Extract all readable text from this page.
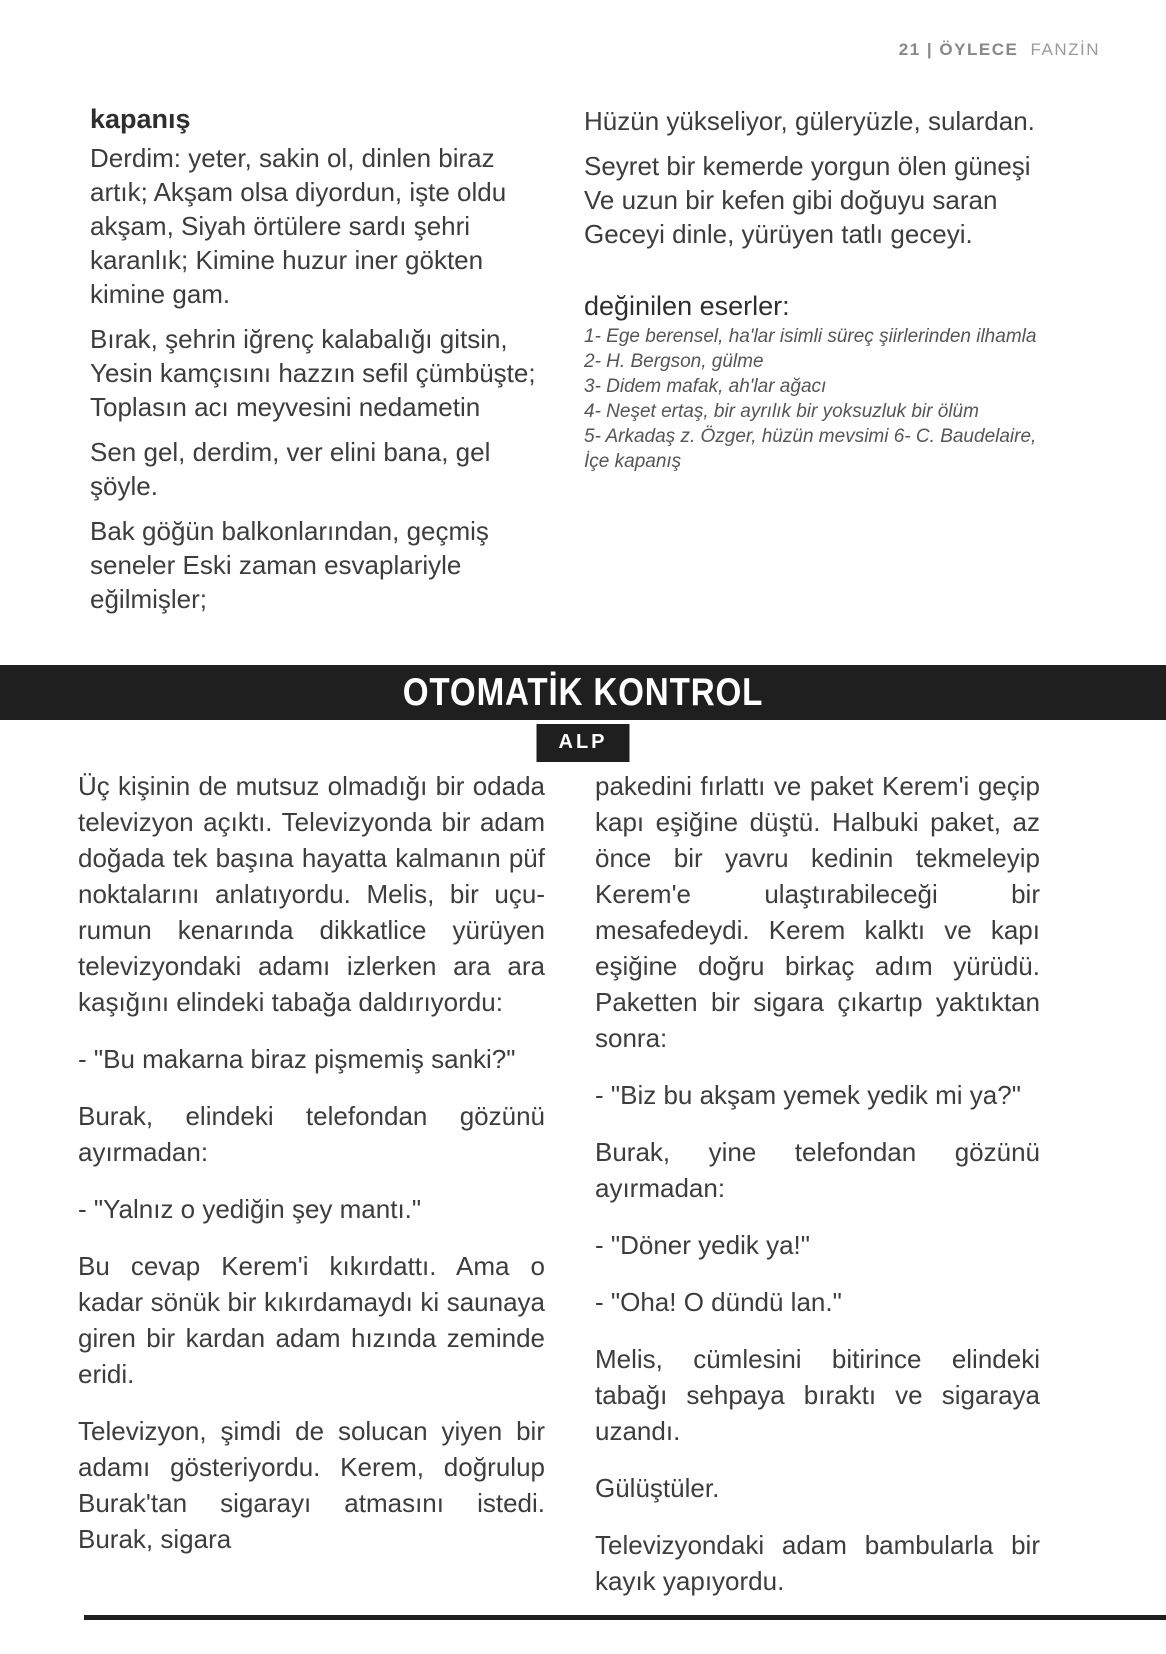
21 | ÖYLECE FANZİN
kapanış

Derdim: yeter, sakin ol, dinlen biraz artık; Akşam olsa diyordun, işte oldu akşam, Siyah örtülere sardı şehri karanlık; Kimine huzur iner gökten kimine gam.

Bırak, şehrin iğrenç kalabalığı gitsin, Yesin kamçısını hazzın sefil çümbüşte; Toplasın acı meyvesini nedametin

Sen gel, derdim, ver elini bana, gel şöyle.

Bak göğün balkonlarından, geçmiş seneler Eski zaman esvaplariyle eğilmişler;

Hüzün yükseliyor, güleryüzle, sulardan.

Seyret bir kemerde yorgun ölen güneşi Ve uzun bir kefen gibi doğuyu saran Geceyi dinle, yürüyen tatlı geceyi.

değinilen eserler:

1- Ege berensel, ha'lar isimli süreç şiirlerinden ilhamla 2- H. Bergson, gülme

3- Didem mafak, ah'lar ağacı

4- Neşet ertaş, bir ayrılık bir yoksuzluk bir ölüm

5- Arkadaş z. Özger, hüzün mevsimi 6- C. Baudelaire, İçe kapanış

OTOMATİK KONTROL
ALP

Üç kişinin de mutsuz olmadığı bir odada televizyon açıktı. Televizyonda bir adam doğada tek başına hayatta kalmanın püf noktalarını anlatıyordu. Melis, bir uçurumun kenarında dikkatlice yürüyen televizyondaki adamı izlerken ara ara kaşığını elindeki tabağa daldırıyordu:

- "Bu makarna biraz pişmemiş sanki?"

Burak, elindeki telefondan gözünü ayırmadan:

- "Yalnız o yediğin şey mantı."

Bu cevap Kerem'i kıkırdattı. Ama o kadar sönük bir kıkırdamaydı ki saunaya giren bir kardan adam hızında zeminde eridi.

Televizyon, şimdi de solucan yiyen bir adamı gösteriyordu. Kerem, doğrulup Burak'tan sigarayı atmasını istedi. Burak, sigara

pakedini fırlattı ve paket Kerem'i geçip kapı eşiğine düştü. Halbuki paket, az önce bir yavru kedinin tekmeleyip Kerem'e ulaştırabileceği bir mesafedeydi. Kerem kalktı ve kapı eşiğine doğru birkaç adım yürüdü. Paketten bir sigara çıkartıp yaktıktan sonra:

- "Biz bu akşam yemek yedik mi ya?"

Burak, yine telefondan gözünü ayırmadan:

- "Döner yedik ya!"

- "Oha! O dündü lan."

Melis, cümlesini bitirince elindeki tabağı sehpaya bıraktı ve sigaraya uzandı.

Gülüştüler.

Televizyondaki adam bambularla bir kayık yapıyordu.
